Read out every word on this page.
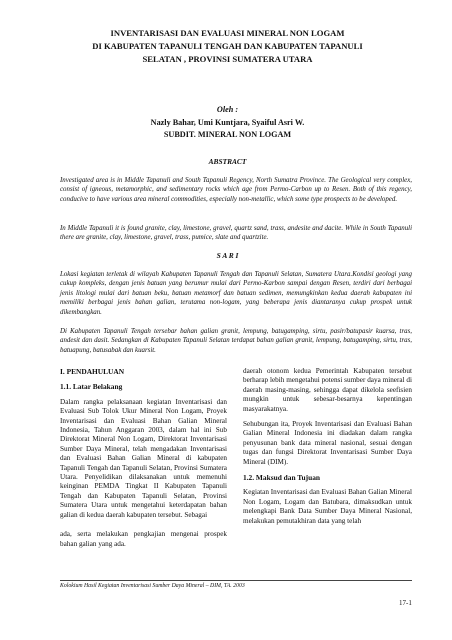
INVENTARISASI DAN EVALUASI MINERAL NON LOGAM
DI KABUPATEN TAPANULI TENGAH DAN KABUPATEN TAPANULI
SELATAN , PROVINSI SUMATERA UTARA
Oleh :
Nazly Bahar, Umi Kuntjara, Syaiful Asri W.
SUBDIT. MINERAL NON LOGAM
ABSTRACT
Investigated area is in Middle Tapanuli and South Tapanuli Regency, North Sumatra Province. The Geological very complex, consist of igneous, metamorphic, and sedimentary rocks which age from Permo-Carbon up to Resen. Both of this regency, conducive to have various area mineral commodities, especially non-metallic, which some type prospects to be developed.
In Middle Tapanuli it is found granite, clay, limestone, gravel, quartz sand, trass, andesite and dacite. While in South Tapanuli there are granite, clay, limestone, gravel, trass, pumice, slate and quartzite.
S A R I
Lokasi kegiatan terletak di wilayah Kabupaten Tapanuli Tengah dan Tapanuli Selatan, Sumatera Utara.Kondisi geologi yang cukup kompleks, dengan jenis batuan yang berumur mulai dari Permo-Karbon sampai dengan Resen, terdiri dari berbagai jenis litologi mulai dari batuan beku, batuan metamorf dan batuan sedimen, memungkinkan kedua daerah kabupaten ini memiliki berbagai jenis bahan galian, terutama non-logam, yang beberapa jenis diantaranya cukup prospek untuk dikembangkan.
Di Kabupaten Tapanuli Tengah tersebar bahan galian granit, lempung, batugamping, sirtu, pasir/batupasir kuarsa, tras, andesit dan dasit. Sedangkan di Kabupaten Tapanuli Selatan terdapat bahan galian granit, lempung, batugamping, sirtu, tras, batuapung, batusabak dan kuarsit.
I. PENDAHULUAN
1.1. Latar Belakang

Dalam rangka pelaksanaan kegiatan Inventarisasi dan Evaluasi Sub Tolok Ukur Mineral Non Logam, Proyek Inventarisasi dan Evaluasi Bahan Galian Mineral Indonesia, Tahun Anggaran 2003, dalam hal ini Sub Direktorat Mineral Non Logam, Direktorat Inventarisasi Sumber Daya Mineral, telah mengadakan Inventarisasi dan Evaluasi Bahan Galian Mineral di kabupaten Tapanuli Tengah dan Tapanuli Selatan, Provinsi Sumatera Utara. Penyelidikan dilaksanakan untuk memenuhi keinginan PEMDA Tingkat II Kabupaten Tapanuli Tengah dan Kabupaten Tapanuli Selatan, Provinsi Sumatera Utara untuk mengetahui keterdapatan bahan galian di kedua daerah kabupaten tersebut. Sebagai

ada, serta melakukan pengkajian mengenai prospek bahan galian yang ada.

daerah otonom kedua Pemerintah Kabupaten tersebut berharap lebih mengetahui potensi sumber daya mineral di daerah masing-masing, sehingga dapat dikelola seefisien mungkin untuk sebesar-besarnya kepentingan masyarakatnya.

Sehubungan ita, Proyek Inventarisasi dan Evaluasi Bahan Galian Mineral Indonesia ini diadakan dalam rangka penyusunan bank data mineral nasional, sesuai dengan tugas dan fungsi Direktorat Inventarisasi Sumber Daya Mineral (DIM).

1.2. Maksud dan Tujuan

Kegiatan Inventarisasi dan Evaluasi Bahan Galian Mineral Non Logam, Logam dan Batubara, dimaksudkan untuk melengkapi Bank Data Sumber Daya Mineral Nasional, melakukan pemutakhiran data yang telah

Kolokium Hasil Kegiatan Inventarisasi Sumber Daya Mineral – DIM, TA. 2003
17-1
